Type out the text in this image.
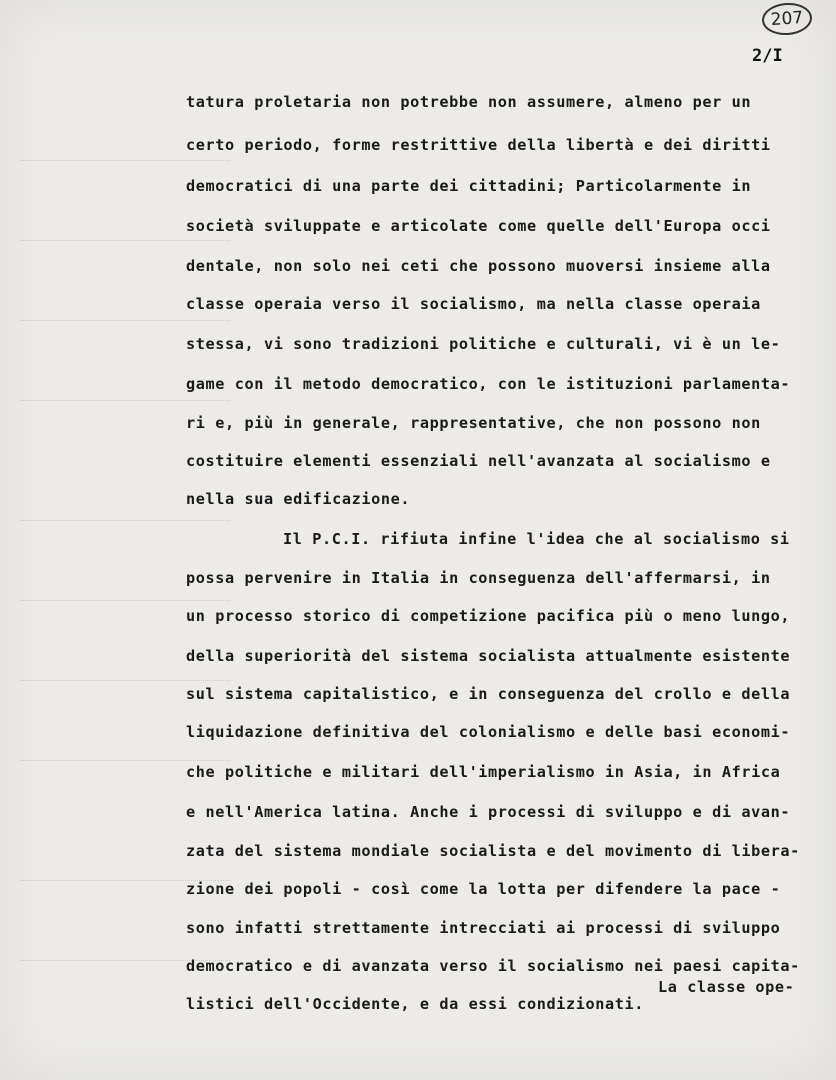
207
2/I
tatura proletaria non potrebbe non assumere, almeno per un
certo periodo, forme restrittive della libertà e dei diritti
democratici di una parte dei cittadini; Particolarmente in
società sviluppate e articolate come quelle dell'Europa occi
dentale, non solo nei ceti che possono muoversi insieme alla
classe operaia verso il socialismo, ma nella classe operaia
stessa, vi sono tradizioni politiche e culturali, vi è un le-
game con il metodo democratico, con le istituzioni parlamenta-
ri e, più in generale, rappresentative, che non possono non
costituire elementi essenziali nell'avanzata al socialismo e
nella sua edificazione.
Il P.C.I. rifiuta infine l'idea che al socialismo si
possa pervenire in Italia in conseguenza dell'affermarsi, in
un processo storico di competizione pacifica più o meno lungo,
della superiorità del sistema socialista attualmente esistente
sul sistema capitalistico, e in conseguenza del crollo e della
liquidazione definitiva del colonialismo e delle basi economi-
che politiche e militari dell'imperialismo in Asia, in Africa
e nell'America latina. Anche i processi di sviluppo e di avan-
zata del sistema mondiale socialista e del movimento di libera-
zione dei popoli - così come la lotta per difendere la pace -
sono infatti strettamente intrecciati ai processi di sviluppo
democratico e di avanzata verso il socialismo nei paesi capita-
listici dell'Occidente, e da essi condizionati.
La classe ope-
